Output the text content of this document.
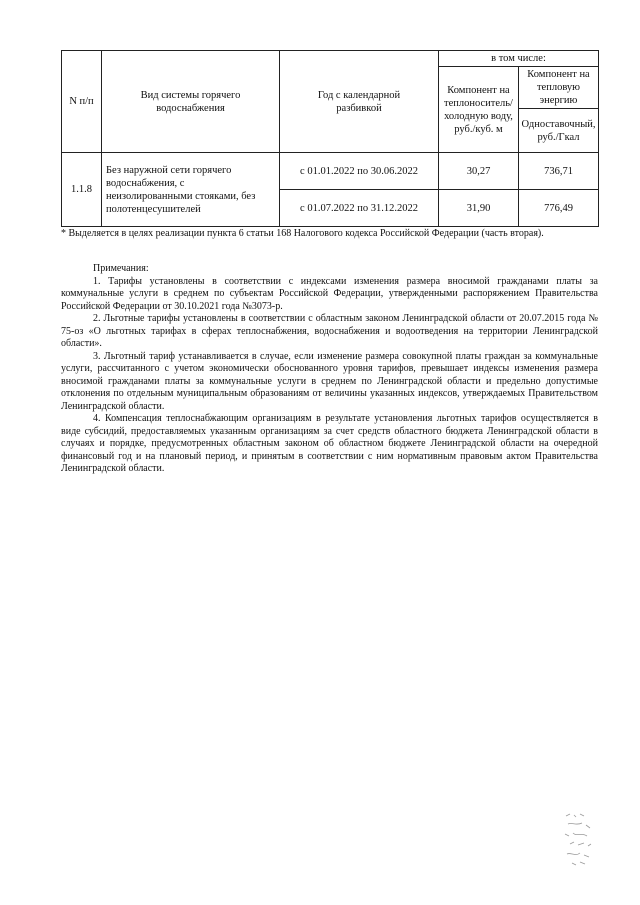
N п/п	Вид системы горячего водоснабжения	Год с календарной разбивкой	в том числе:	
			Компонент на теплоноситель/холодную воду, руб./куб. м	Компонент на тепловую энергию
				Одноставочный, руб./Гкал
1.1.8	Без наружной сети горячего водоснабжения, с неизолированными стояками, без полотенцесушителей	с 01.01.2022 по 30.06.2022	30,27	736,71
		с 01.07.2022 по 31.12.2022	31,90	776,49
* Выделяется в целях реализации пункта 6 статьи 168 Налогового кодекса Российской Федерации (часть вторая).

Примечания:

1. Тарифы установлены в соответствии с индексами изменения размера вносимой гражданами платы за коммунальные услуги в среднем по субъектам Российской Федерации, утвержденными распоряжением Правительства Российской Федерации от 30.10.2021 года №3073-р.

2. Льготные тарифы установлены в соответствии с областным законом Ленинградской области от 20.07.2015 года № 75-оз «О льготных тарифах в сферах теплоснабжения, водоснабжения и водоотведения на территории Ленинградской области».

3. Льготный тариф устанавливается в случае, если изменение размера совокупной платы граждан за коммунальные услуги, рассчитанного с учетом экономически обоснованного уровня тарифов, превышает индексы изменения размера вносимой гражданами платы за коммунальные услуги в среднем по Ленинградской области и предельно допустимые отклонения по отдельным муниципальным образованиям от величины указанных индексов, утверждаемых Правительством Ленинградской области.

4. Компенсация теплоснабжающим организациям в результате установления льготных тарифов осуществляется в виде субсидий, предоставляемых указанным организациям за счет средств областного бюджета Ленинградской области в случаях и порядке, предусмотренных областным законом об областном бюджете Ленинградской области на очередной финансовый год и на плановый период, и принятым в соответствии с ним нормативным правовым актом Правительства Ленинградской области.
